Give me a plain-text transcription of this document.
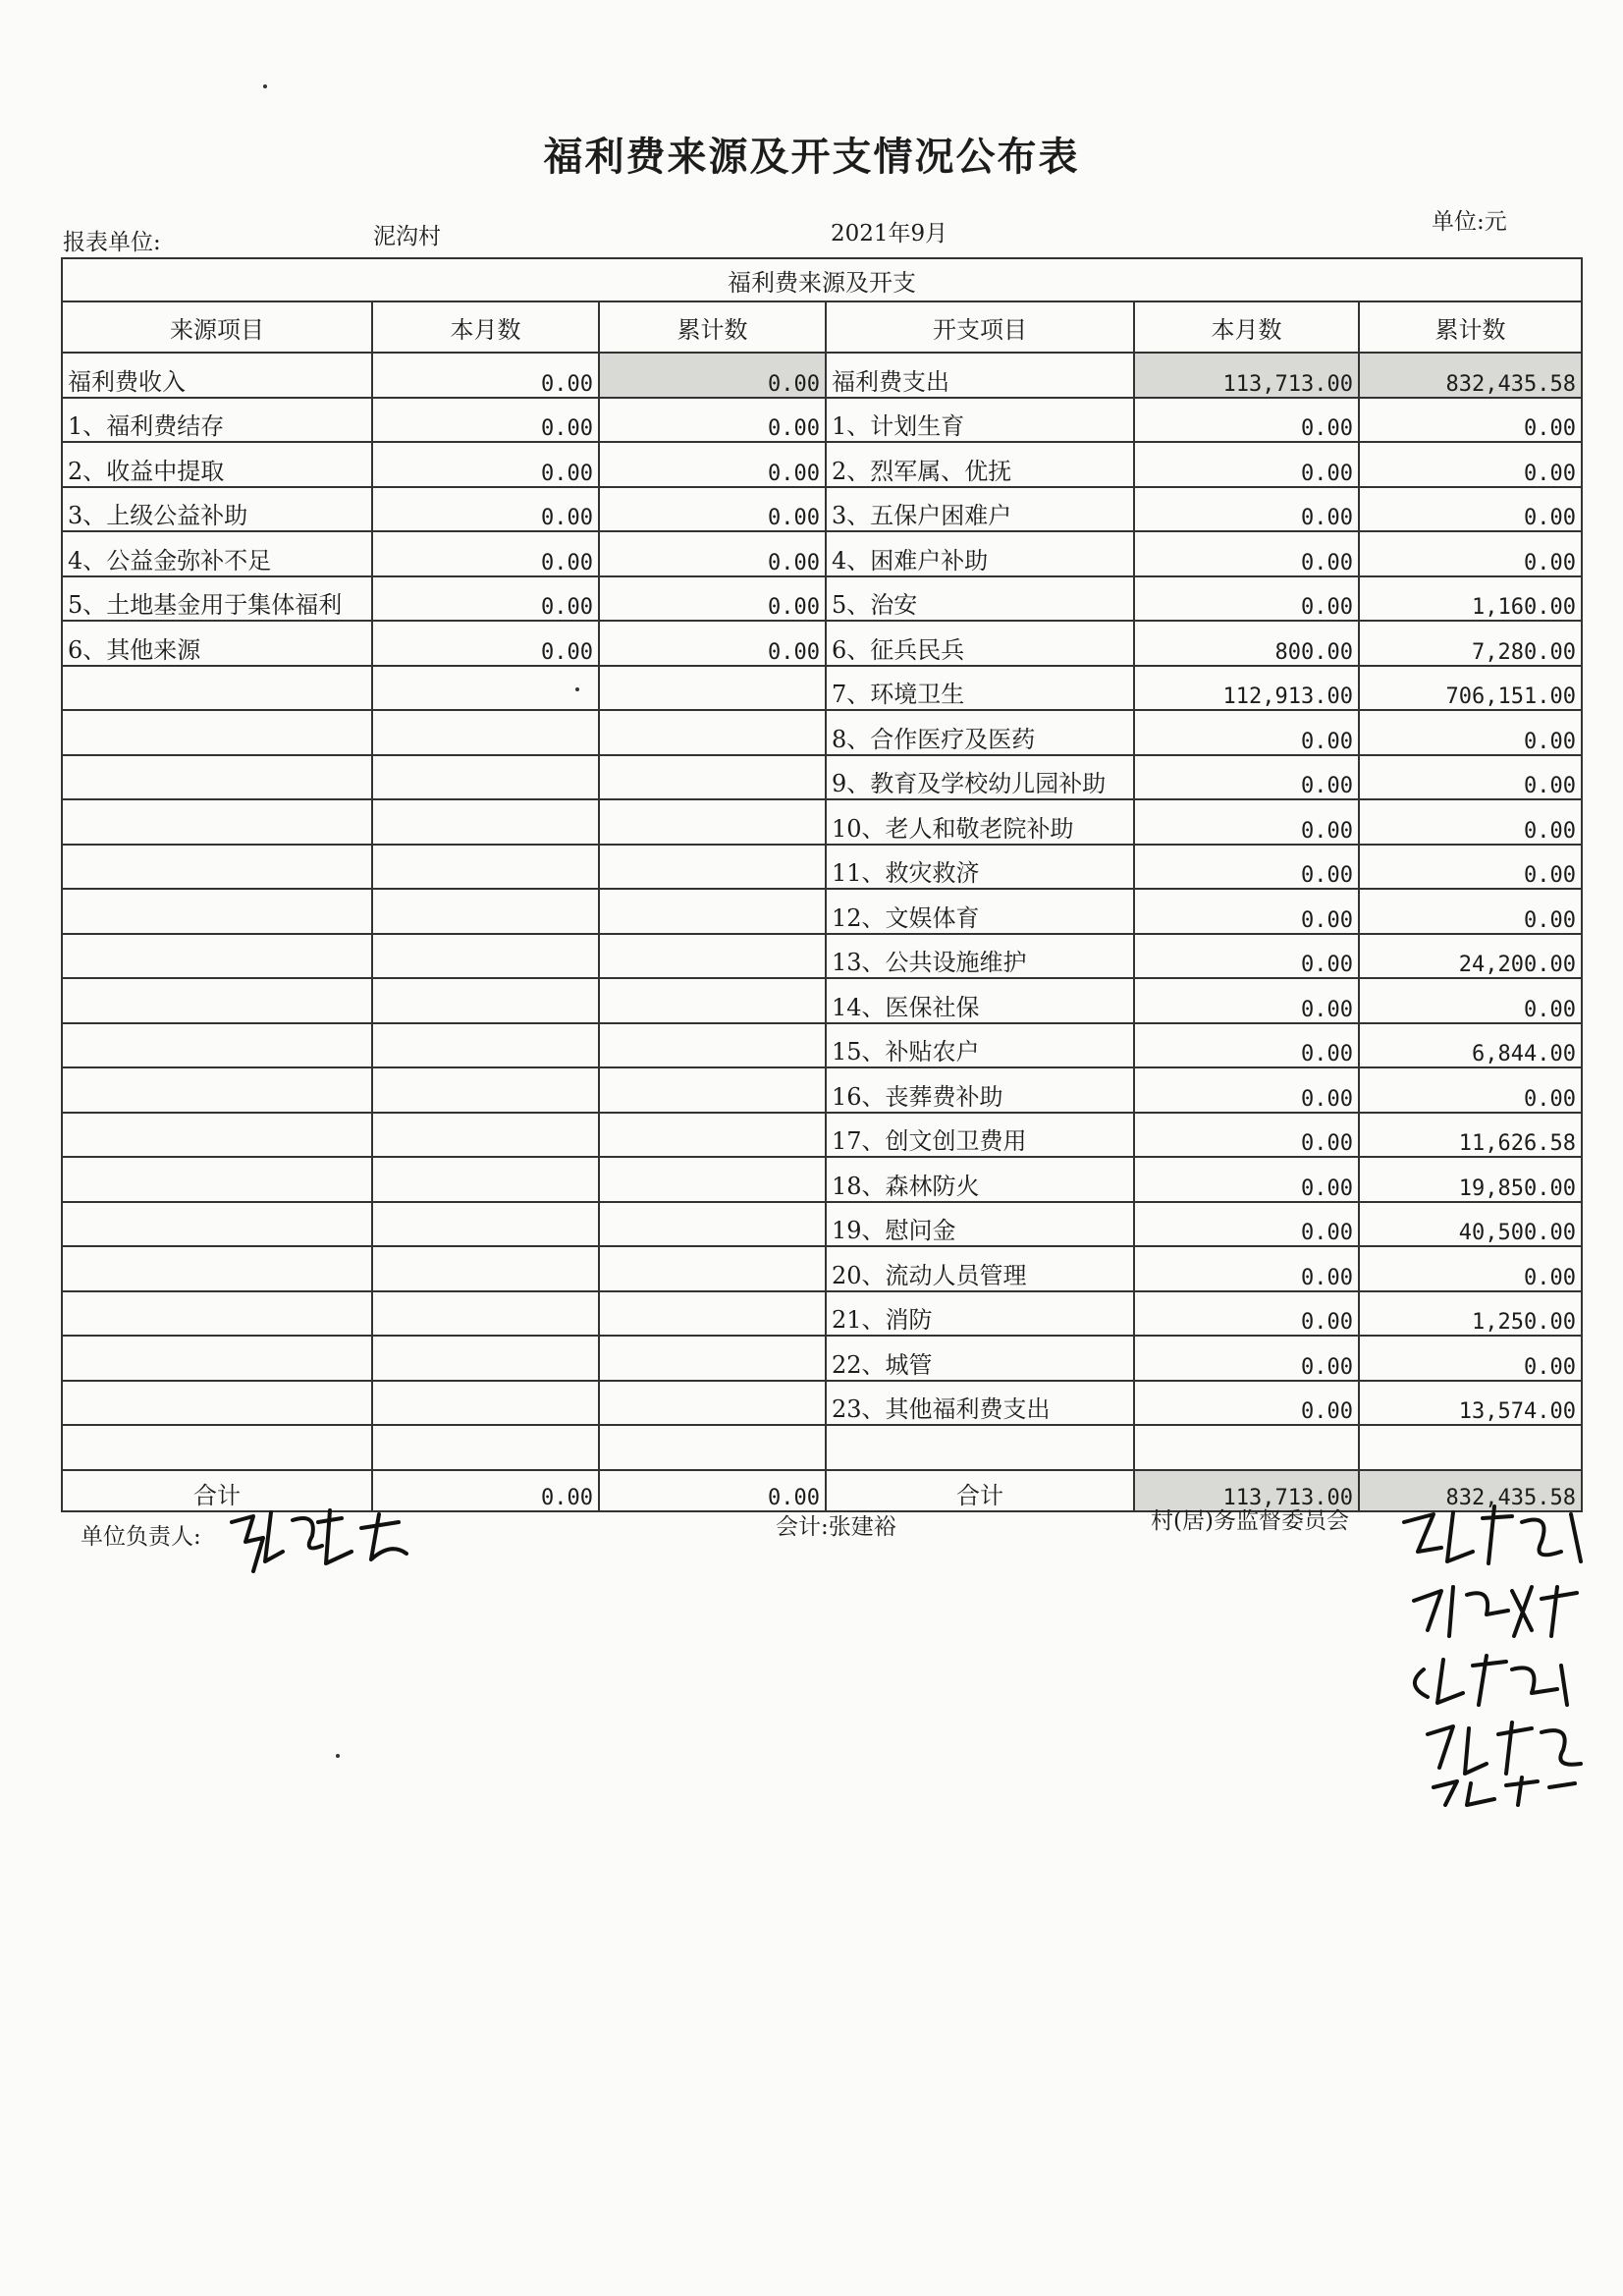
福利费来源及开支情况公布表
报表单位:	泥沟村	2021年9月	单位:元
福利费来源及开支					
来源项目	本月数	累计数	开支项目	本月数	累计数
福利费收入	0.00	0.00	福利费支出	113,713.00	832,435.58
1、福利费结存	0.00	0.00	1、计划生育	0.00	0.00
2、收益中提取	0.00	0.00	2、烈军属、优抚	0.00	0.00
3、上级公益补助	0.00	0.00	3、五保户困难户	0.00	0.00
4、公益金弥补不足	0.00	0.00	4、困难户补助	0.00	0.00
5、土地基金用于集体福利	0.00	0.00	5、治安	0.00	1,160.00
6、其他来源	0.00	0.00	6、征兵民兵	800.00	7,280.00
			7、环境卫生	112,913.00	706,151.00
			8、合作医疗及医药	0.00	0.00
			9、教育及学校幼儿园补助	0.00	0.00
			10、老人和敬老院补助	0.00	0.00
			11、救灾救济	0.00	0.00
			12、文娱体育	0.00	0.00
			13、公共设施维护	0.00	24,200.00
			14、医保社保	0.00	0.00
			15、补贴农户	0.00	6,844.00
			16、丧葬费补助	0.00	0.00
			17、创文创卫费用	0.00	11,626.58
			18、森林防火	0.00	19,850.00
			19、慰问金	0.00	40,500.00
			20、流动人员管理	0.00	0.00
			21、消防	0.00	1,250.00
			22、城管	0.00	0.00
			23、其他福利费支出	0.00	13,574.00

合计	0.00	0.00	合计	113,713.00	832,435.58
单位负责人:	会计:张建裕	村(居)务监督委员会
